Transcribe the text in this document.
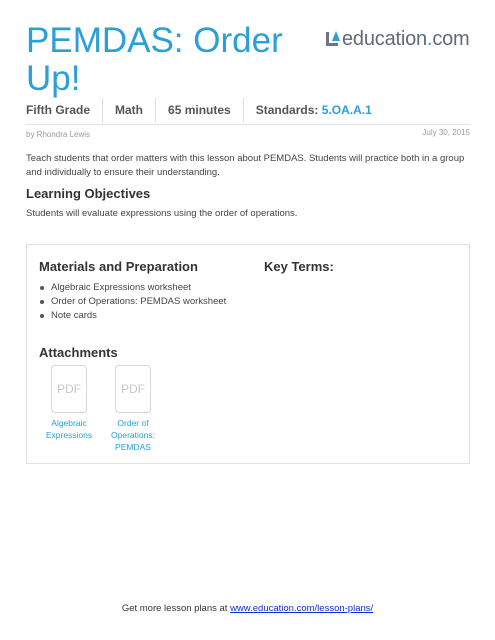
PEMDAS: Order Up!
education.com
Fifth Grade	Math	65 minutes	Standards: 5.OA.A.1
by Rhondra Lewis	July 30, 2015

Teach students that order matters with this lesson about PEMDAS. Students will practice both in a group and individually to ensure their understanding.

Learning Objectives

Students will evaluate expressions using the order of operations.

Materials and Preparation	Key Terms:
Algebraic Expressions worksheet
Order of Operations: PEMDAS worksheet
Note cards
Attachments
PDF
Algebraic Expressions
PDF
Order of Operations: PEMDAS
Get more lesson plans at www.education.com/lesson-plans/
